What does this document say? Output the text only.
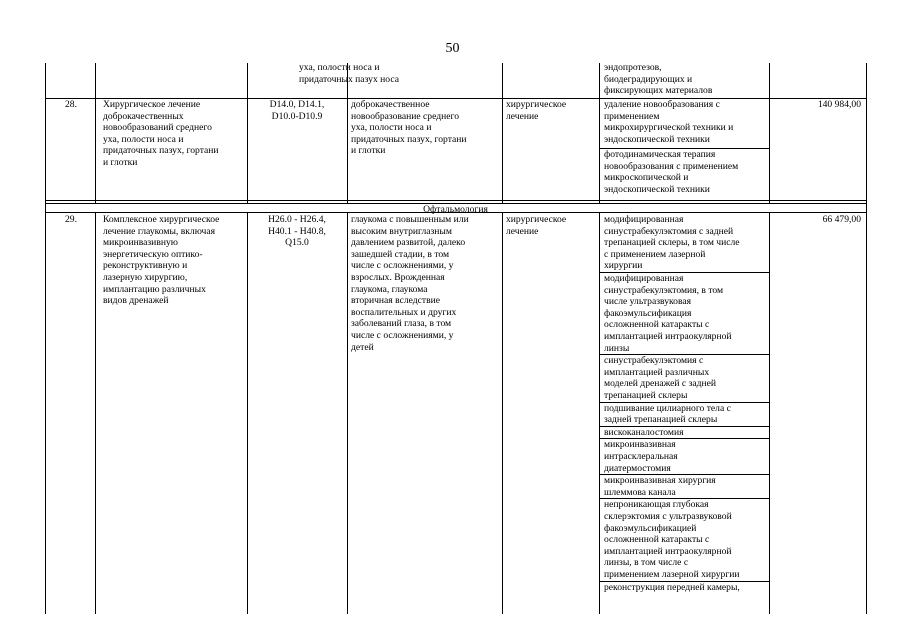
50
уха, полости носа и
придаточных пазух носа
эндопротезов,
биодеградирующих и
фиксирующих материалов
28.	Хирургическое лечение
доброкачественных
новообразований среднего
уха, полости носа и
придаточных пазух, гортани
и глотки
D14.0, D14.1,
D10.0-D10.9
доброкачественное
новообразование среднего
уха, полости носа и
придаточных пазух, гортани
и глотки
хирургическое
лечение
140 984,00
удаление новообразования с
применением
микрохирургической техники и
эндоскопической техники
фотодинамическая терапия
новообразования с применением
микроскопической и
эндоскопической техники
Офтальмология
29.	Комплексное хирургическое
лечение глаукомы, включая
микроинвазивную
энергетическую оптико-
реконструктивную и
лазерную хирургию,
имплантацию различных
видов дренажей
H26.0 - H26.4,
H40.1 - H40.8,
Q15.0
глаукома с повышенным или
высоким внутриглазным
давлением развитой, далеко
зашедшей стадии, в том
числе с осложнениями, у
взрослых. Врожденная
глаукома, глаукома
вторичная вследствие
воспалительных и других
заболеваний глаза, в том
числе с осложнениями, у
детей
хирургическое
лечение
66 479,00
модифицированная
синустрабекулэктомия с задней
трепанацией склеры, в том числе
с применением лазерной
хирургии
модифицированная
синустрабекулэктомия, в том
числе ультразвуковая
факоэмульсификация
осложненной катаракты с
имплантацией интраокулярной
линзы
синустрабекулэктомия с
имплантацией различных
моделей дренажей с задней
трепанацией склеры
подшивание цилиарного тела с
задней трепанацией склеры
вискоканалостомия
микроинвазивная
интрасклеральная
диатермостомия
микроинвазивная хирургия
шлеммова канала
непроникающая глубокая
склерэктомия с ультразвуковой
факоэмульсификацией
осложненной катаракты с
имплантацией интраокулярной
линзы, в том числе с
применением лазерной хирургии
реконструкция передней камеры,
